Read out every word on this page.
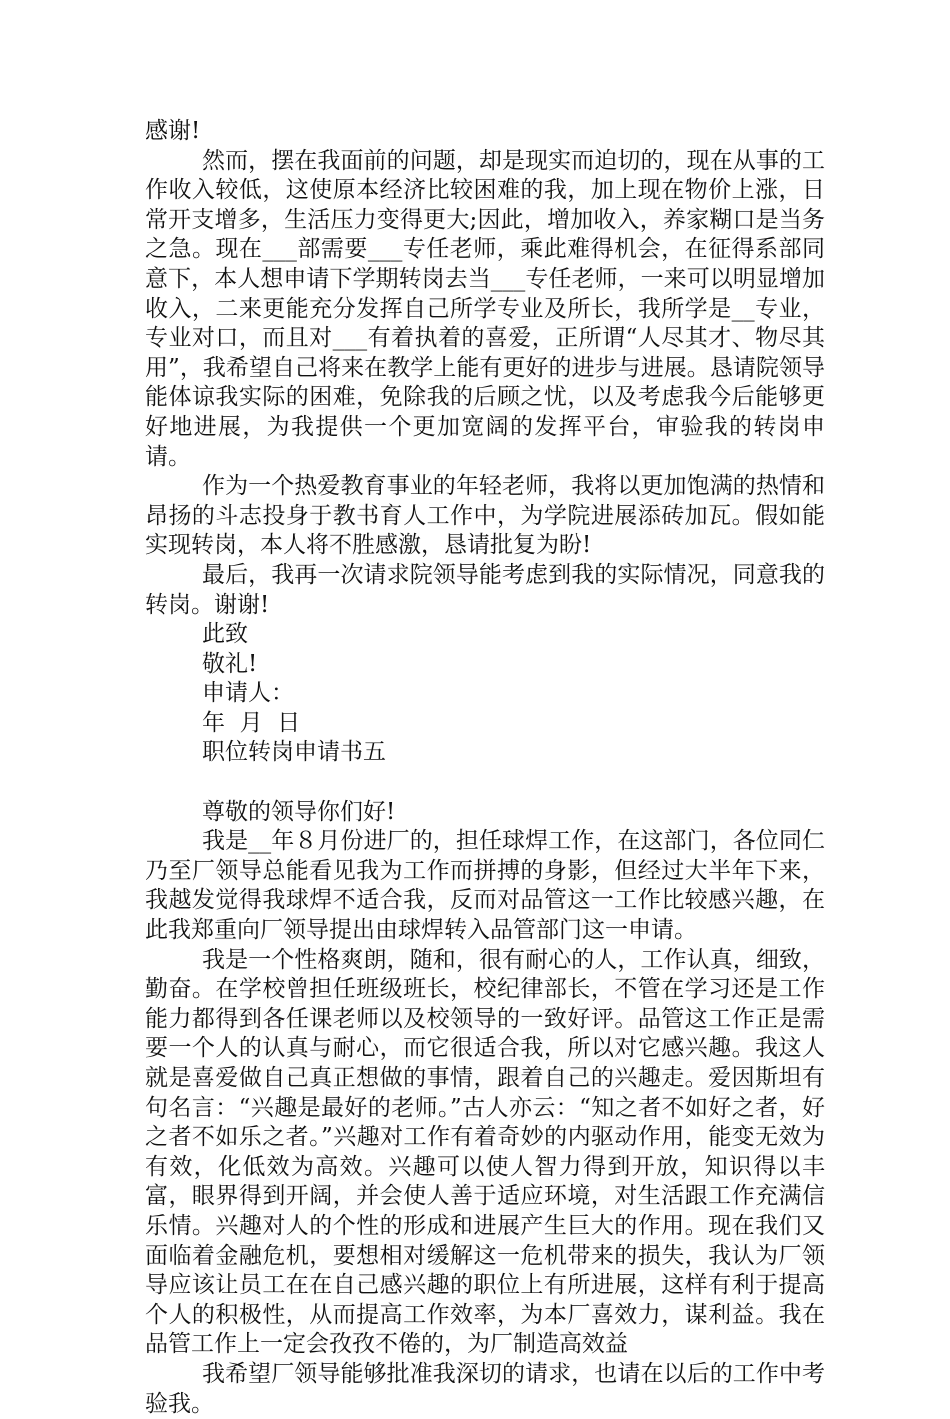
感谢!

然而，摆在我面前的问题，却是现实而迫切的，现在从事的工作收入较低，这使原本经济比较困难的我，加上现在物价上涨，日常开支增多，生活压力变得更大;因此，增加收入，养家糊口是当务之急。现在___部需要___专任老师，乘此难得机会，在征得系部同意下，本人想申请下学期转岗去当___专任老师，一来可以明显增加收入，二来更能充分发挥自己所学专业及所长，我所学是__专业，专业对口，而且对___有着执着的喜爱，正所谓“人尽其才、物尽其用”，我希望自己将来在教学上能有更好的进步与进展。恳请院领导能体谅我实际的困难，免除我的后顾之忧，以及考虑我今后能够更好地进展，为我提供一个更加宽阔的发挥平台，审验我的转岗申请。

作为一个热爱教育事业的年轻老师，我将以更加饱满的热情和昂扬的斗志投身于教书育人工作中，为学院进展添砖加瓦。假如能实现转岗，本人将不胜感激，恳请批复为盼!

最后，我再一次请求院领导能考虑到我的实际情况，同意我的转岗。谢谢!

此致

敬礼!

申请人：

年  月  日

职位转岗申请书五

尊敬的领导你们好!

我是__年８月份进厂的，担任球焊工作，在这部门，各位同仁乃至厂领导总能看见我为工作而拼搏的身影，但经过大半年下来，我越发觉得我球焊不适合我，反而对品管这一工作比较感兴趣，在此我郑重向厂领导提出由球焊转入品管部门这一申请。

我是一个性格爽朗，随和，很有耐心的人，工作认真，细致，勤奋。在学校曾担任班级班长，校纪律部长，不管在学习还是工作能力都得到各任课老师以及校领导的一致好评。品管这工作正是需要一个人的认真与耐心，而它很适合我，所以对它感兴趣。我这人就是喜爱做自己真正想做的事情，跟着自己的兴趣走。爱因斯坦有句名言：“兴趣是最好的老师。”古人亦云：“知之者不如好之者，好之者不如乐之者。”兴趣对工作有着奇妙的内驱动作用，能变无效为有效，化低效为高效。兴趣可以使人智力得到开放，知识得以丰富，眼界得到开阔，并会使人善于适应环境，对生活跟工作充满信乐情。兴趣对人的个性的形成和进展产生巨大的作用。现在我们又面临着金融危机，要想相对缓解这一危机带来的损失，我认为厂领导应该让员工在在自己感兴趣的职位上有所进展，这样有利于提高个人的积极性，从而提高工作效率，为本厂喜效力，谋利益。我在品管工作上一定会孜孜不倦的，为厂制造高效益

我希望厂领导能够批准我深切的请求，也请在以后的工作中考验我。
